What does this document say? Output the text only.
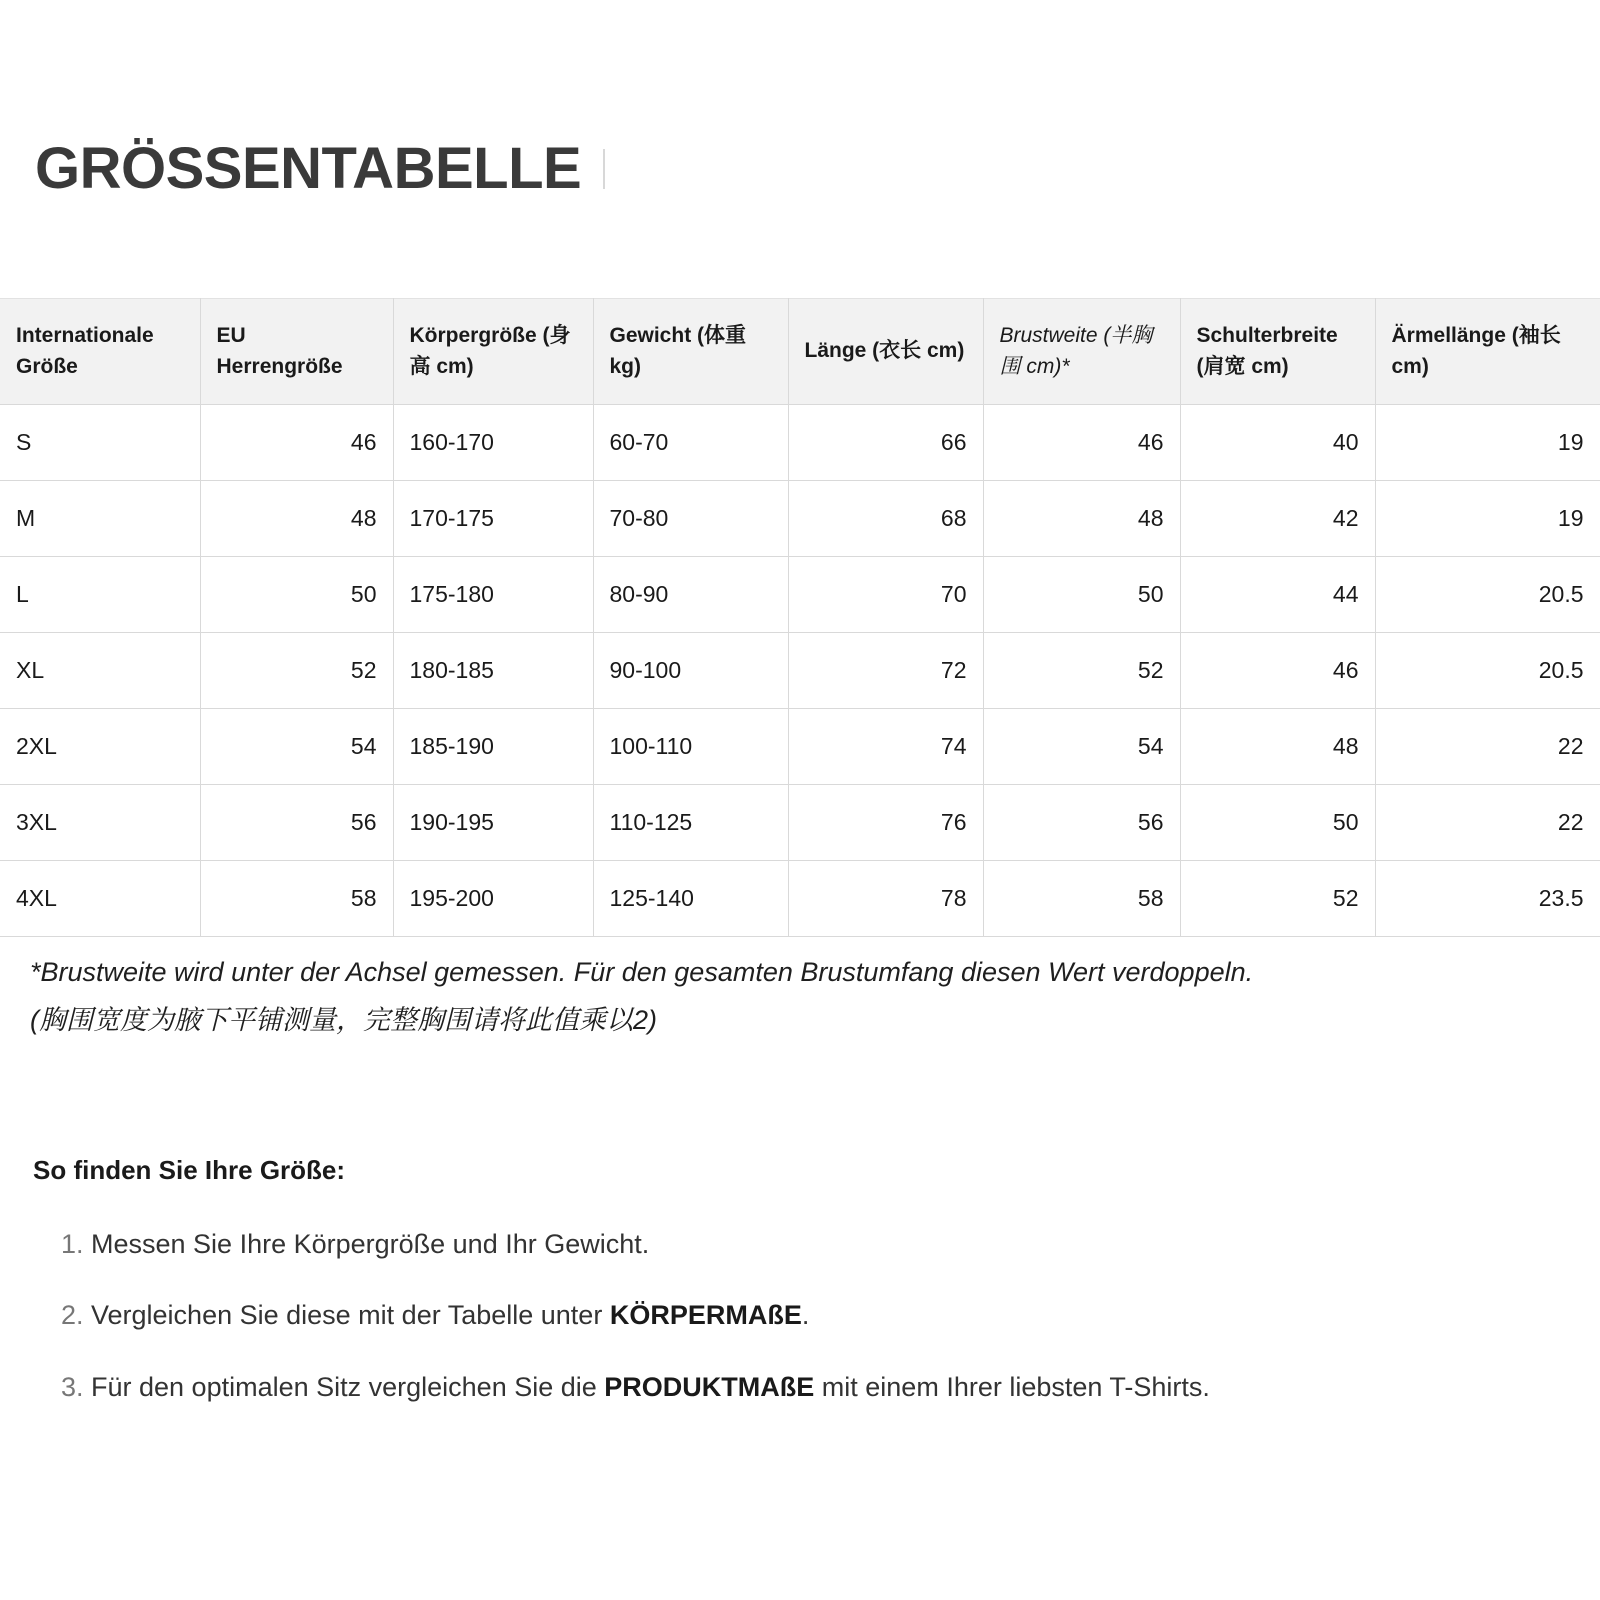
GRÖSSENTABELLE
Internationale Größe	EU Herrengröße	Körpergröße (身高 cm)	Gewicht (体重 kg)	Länge (衣长 cm)	Brustweite (半胸围 cm)*	Schulterbreite (肩宽 cm)	Ärmellänge (袖长 cm)
S	46	160-170	60-70	66	46	40	19
M	48	170-175	70-80	68	48	42	19
L	50	175-180	80-90	70	50	44	20.5
XL	52	180-185	90-100	72	52	46	20.5
2XL	54	185-190	100-110	74	54	48	22
3XL	56	190-195	110-125	76	56	50	22
4XL	58	195-200	125-140	78	58	52	23.5
*Brustweite wird unter der Achsel gemessen. Für den gesamten Brustumfang diesen Wert verdoppeln.
(胸围宽度为腋下平铺测量，完整胸围请将此值乘以2)
So finden Sie Ihre Größe:
1. Messen Sie Ihre Körpergröße und Ihr Gewicht.
2. Vergleichen Sie diese mit der Tabelle unter KÖRPERMAßE.
3. Für den optimalen Sitz vergleichen Sie die PRODUKTMAßE mit einem Ihrer liebsten T-Shirts.
